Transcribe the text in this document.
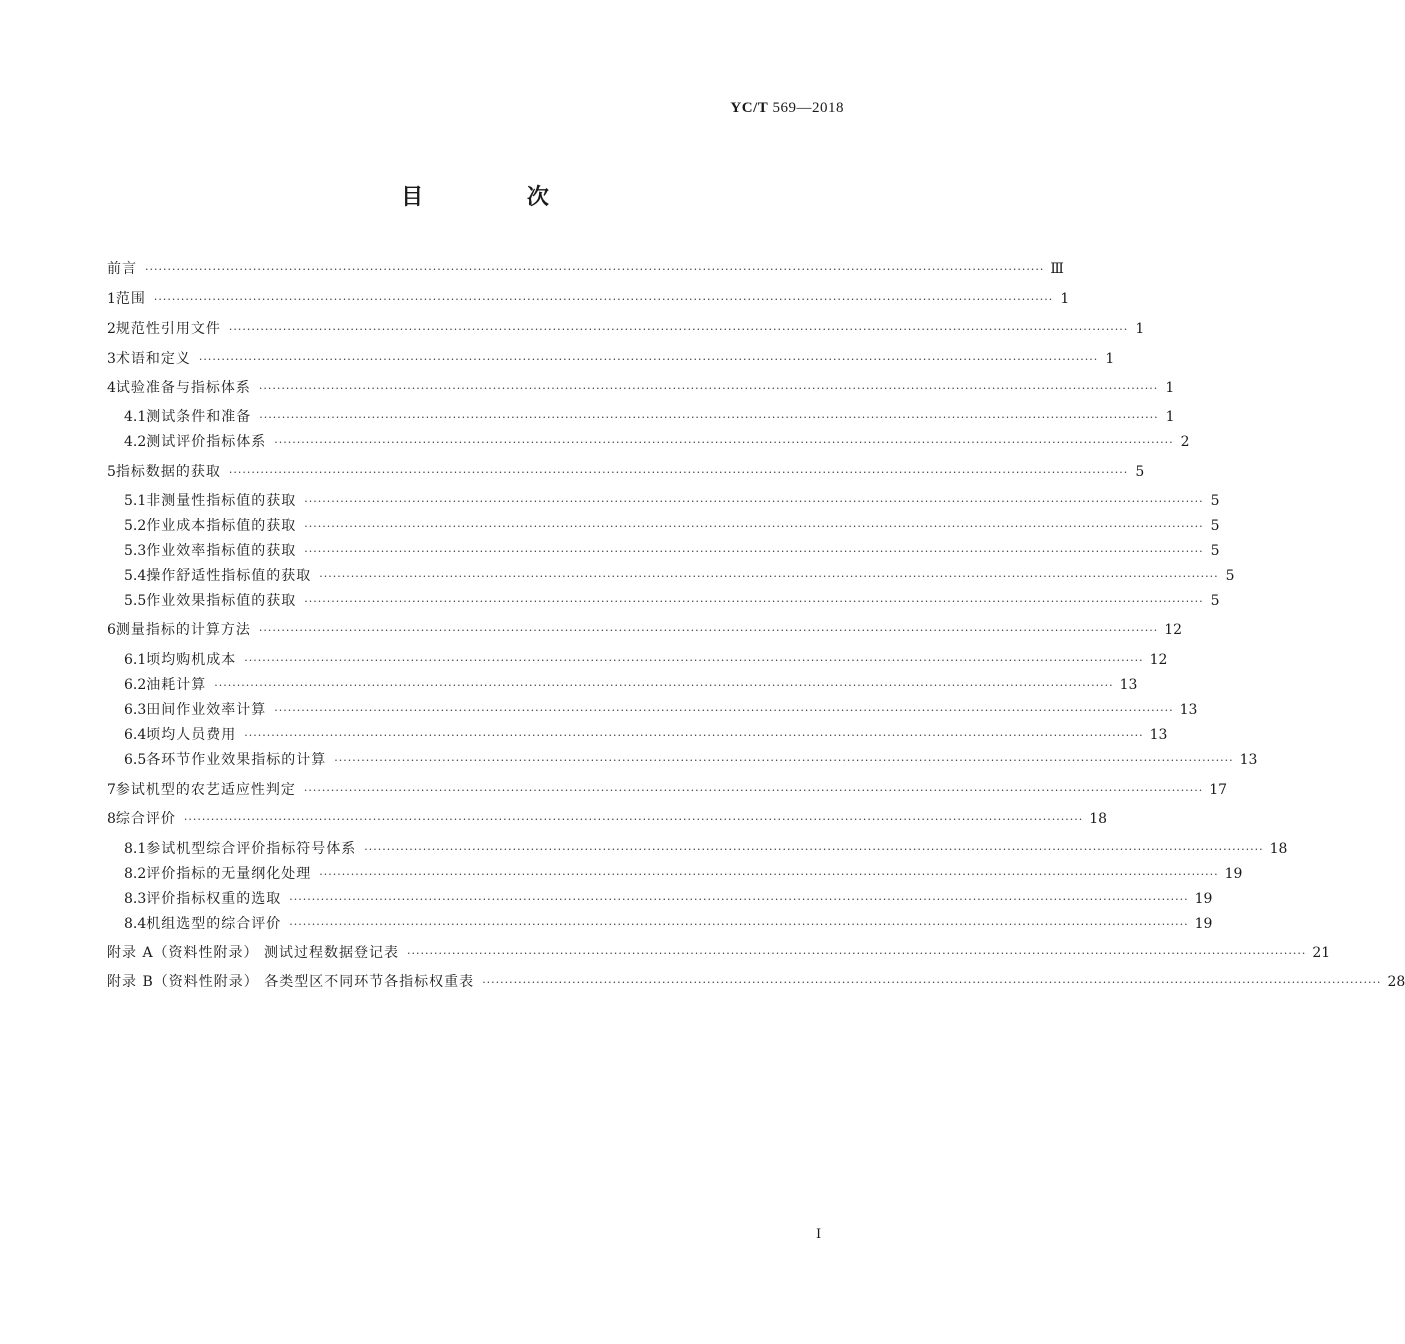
YC/T 569—2018
目 次
前言 ········································································································································································································ Ⅲ
1 范围 ········································································································································································································ 1
2 规范性引用文件 ········································································································································································································ 1
3 术语和定义 ········································································································································································································ 1
4 试验准备与指标体系 ········································································································································································································ 1
4.1 测试条件和准备 ········································································································································································································ 1
4.2 测试评价指标体系 ········································································································································································································ 2
5 指标数据的获取 ········································································································································································································ 5
5.1 非测量性指标值的获取 ········································································································································································································ 5
5.2 作业成本指标值的获取 ········································································································································································································ 5
5.3 作业效率指标值的获取 ········································································································································································································ 5
5.4 操作舒适性指标值的获取 ········································································································································································································ 5
5.5 作业效果指标值的获取 ········································································································································································································ 5
6 测量指标的计算方法 ········································································································································································································ 12
6.1 顷均购机成本 ········································································································································································································ 12
6.2 油耗计算 ········································································································································································································ 13
6.3 田间作业效率计算 ········································································································································································································ 13
6.4 顷均人员费用 ········································································································································································································ 13
6.5 各环节作业效果指标的计算 ········································································································································································································ 13
7 参试机型的农艺适应性判定 ········································································································································································································ 17
8 综合评价 ········································································································································································································ 18
8.1 参试机型综合评价指标符号体系 ········································································································································································································ 18
8.2 评价指标的无量纲化处理 ········································································································································································································ 19
8.3 评价指标权重的选取 ········································································································································································································ 19
8.4 机组选型的综合评价 ········································································································································································································ 19
附录 A（资料性附录） 测试过程数据登记表 ········································································································································································································ 21
附录 B（资料性附录） 各类型区不同环节各指标权重表 ········································································································································································································ 28
Ⅰ
